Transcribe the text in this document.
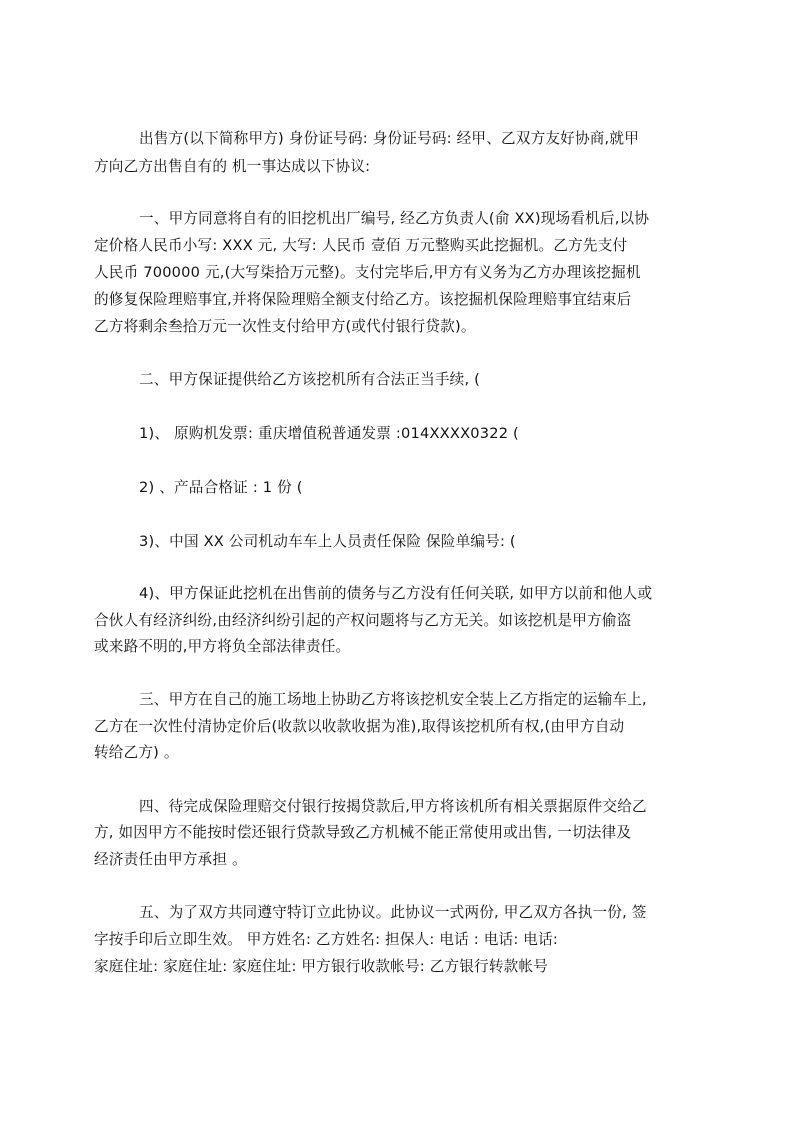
出售方(以下简称甲方) 身份证号码: 身份证号码: 经甲、乙双方友好协商,就甲
方向乙方出售自有的 机一事达成以下协议:
一、甲方同意将自有的旧挖机出厂编号, 经乙方负责人(俞 XX)现场看机后,以协
定价格人民币小写: XXX 元, 大写: 人民币 壹佰 万元整购买此挖掘机。乙方先支付
人民币 700000 元,(大写柒拾万元整)。支付完毕后,甲方有义务为乙方办理该挖掘机
的修复保险理赔事宜,并将保险理赔全额支付给乙方。该挖掘机保险理赔事宜结束后
乙方将剩余叁拾万元一次性支付给甲方(或代付银行贷款)。
二、甲方保证提供给乙方该挖机所有合法正当手续, (
1)、 原购机发票: 重庆增值税普通发票 :014XXXX0322 (
2) 、产品合格证 : 1 份 (
3)、中国 XX 公司机动车车上人员责任保险 保险单编号: (
4)、甲方保证此挖机在出售前的债务与乙方没有任何关联, 如甲方以前和他人或
合伙人有经济纠纷,由经济纠纷引起的产权问题将与乙方无关。如该挖机是甲方偷盗
或来路不明的,甲方将负全部法律责任。
三、甲方在自己的施工场地上协助乙方将该挖机安全装上乙方指定的运输车上,
乙方在一次性付清协定价后(收款以收款收据为准),取得该挖机所有权,(由甲方自动
转给乙方) 。
四、待完成保险理赔交付银行按揭贷款后,甲方将该机所有相关票据原件交给乙
方, 如因甲方不能按时偿还银行贷款导致乙方机械不能正常使用或出售, 一切法律及
经济责任由甲方承担 。
五、为了双方共同遵守特订立此协议。此协议一式两份, 甲乙双方各执一份, 签
字按手印后立即生效。 甲方姓名: 乙方姓名: 担保人: 电话 : 电话: 电话:
家庭住址: 家庭住址: 家庭住址: 甲方银行收款帐号: 乙方银行转款帐号
